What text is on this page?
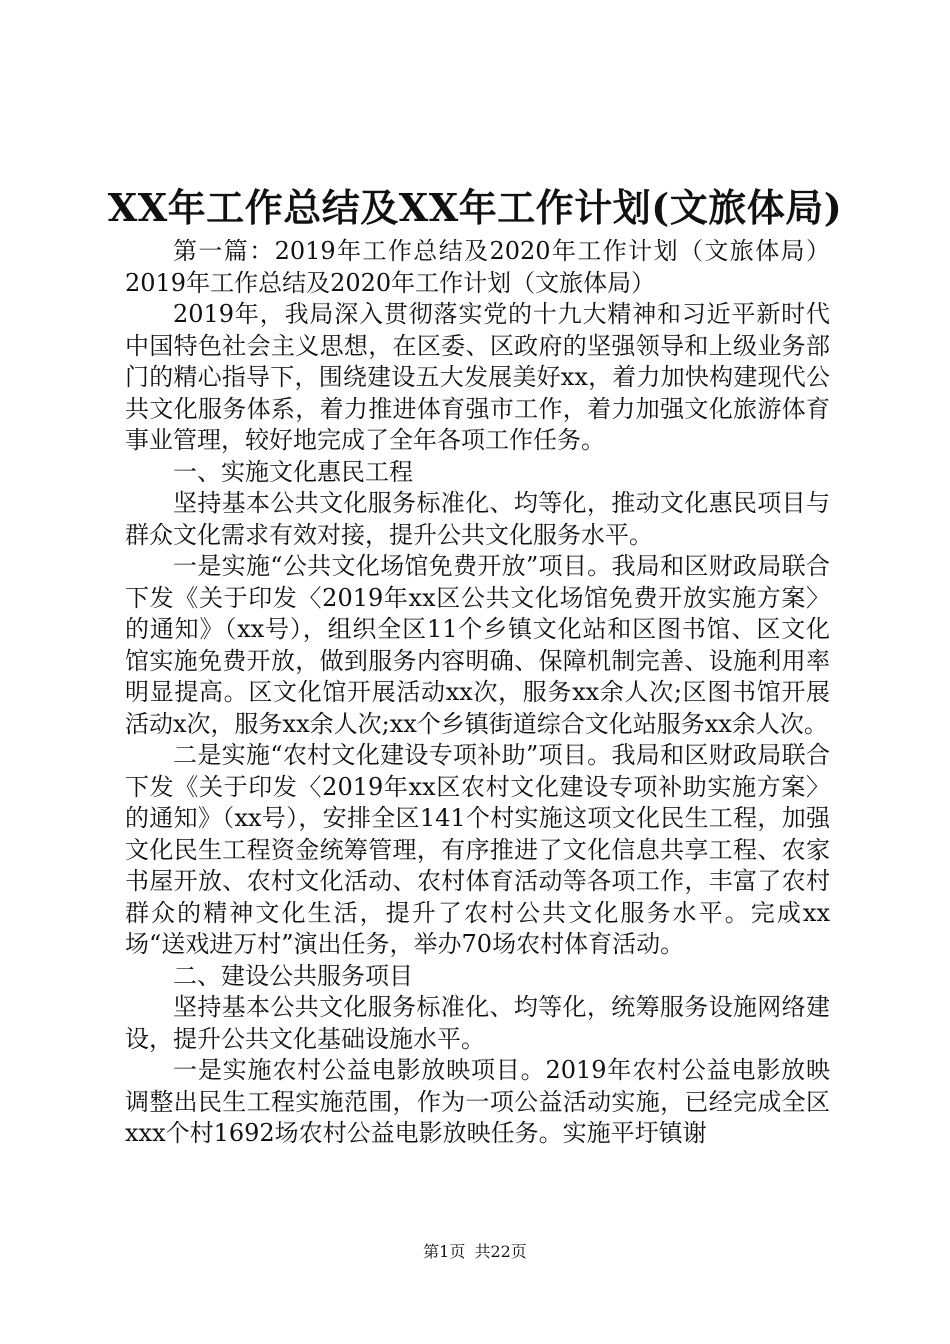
XX年工作总结及XX年工作计划(文旅体局)

第一篇：2019年工作总结及2020年工作计划（文旅体局）2019年工作总结及2020年工作计划（文旅体局）

2019年，我局深入贯彻落实党的十九大精神和习近平新时代中国特色社会主义思想，在区委、区政府的坚强领导和上级业务部门的精心指导下，围绕建设五大发展美好xx，着力加快构建现代公共文化服务体系，着力推进体育强市工作，着力加强文化旅游体育事业管理，较好地完成了全年各项工作任务。

一、实施文化惠民工程

坚持基本公共文化服务标准化、均等化，推动文化惠民项目与群众文化需求有效对接，提升公共文化服务水平。

一是实施“公共文化场馆免费开放”项目。我局和区财政局联合下发《关于印发〈2019年xx区公共文化场馆免费开放实施方案〉的通知》（xx号），组织全区11个乡镇文化站和区图书馆、区文化馆实施免费开放，做到服务内容明确、保障机制完善、设施利用率明显提高。区文化馆开展活动xx次，服务xx余人次;区图书馆开展活动x次，服务xx余人次;xx个乡镇街道综合文化站服务xx余人次。

二是实施“农村文化建设专项补助”项目。我局和区财政局联合下发《关于印发〈2019年xx区农村文化建设专项补助实施方案〉的通知》（xx号），安排全区141个村实施这项文化民生工程，加强文化民生工程资金统筹管理，有序推进了文化信息共享工程、农家书屋开放、农村文化活动、农村体育活动等各项工作，丰富了农村群众的精神文化生活，提升了农村公共文化服务水平。完成xx场“送戏进万村”演出任务，举办70场农村体育活动。

二、建设公共服务项目

坚持基本公共文化服务标准化、均等化，统筹服务设施网络建设，提升公共文化基础设施水平。

一是实施农村公益电影放映项目。2019年农村公益电影放映调整出民生工程实施范围，作为一项公益活动实施，已经完成全区xxx个村1692场农村公益电影放映任务。实施平圩镇谢

第1页 共22页
